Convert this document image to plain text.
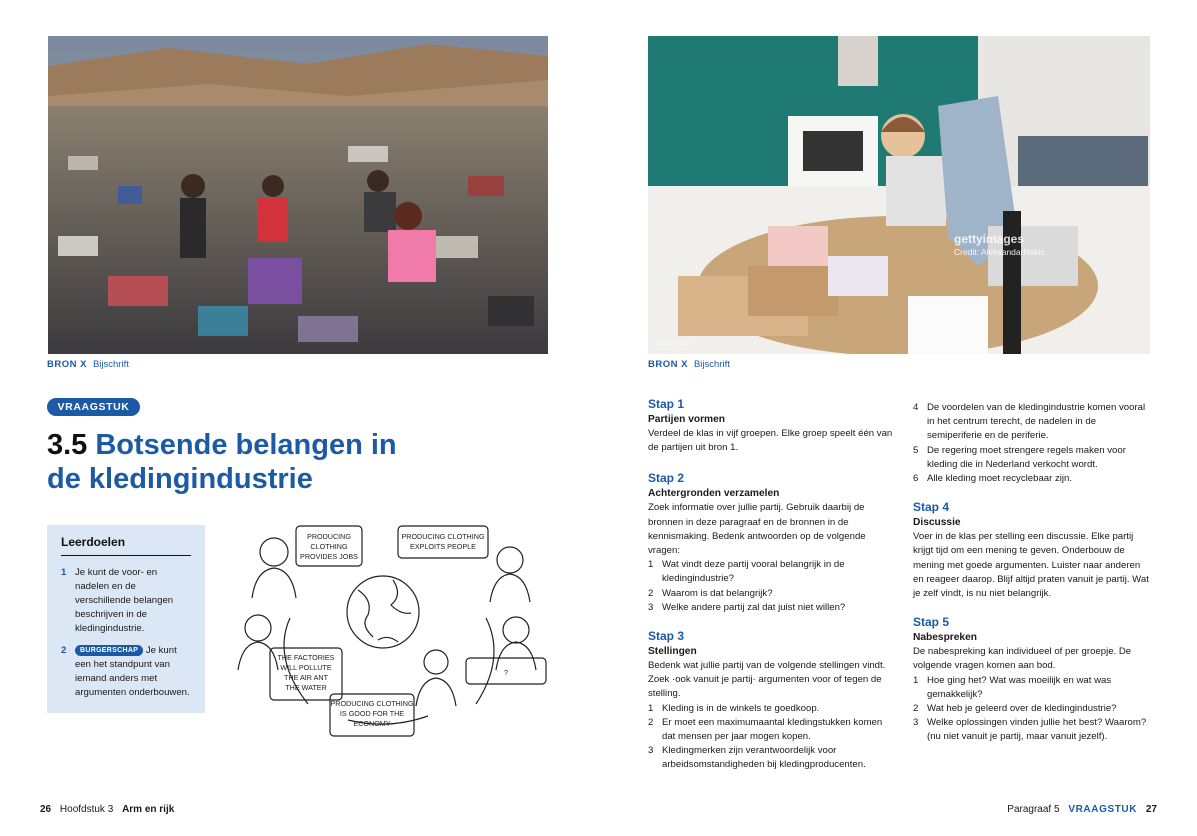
BRON X Bijschrift
VRAAGSTUK
3.5 Botsende belangen in
de kledingindustrie
Leerdoelen
1 Je kunt de voor- en nadelen en de verschillende belangen beschrijven in de kledingindustrie.
2	BURGERSCHAP Je kunt een het standpunt van iemand anders met argumenten onderbouwen.
PRODUCING CLOTHING PROVIDES JOBS
PRODUCING CLOTHING EXPLOITS PEOPLE
THE FACTORIES WILL POLLUTE THE AIR ANT THE WATER
PRODUCING CLOTHING IS GOOD FOR THE ECONOMY
?
gettyimages
Credit: AleksandarNakic
1288319058
BRON X Bijschrift
Stap 1
Partijen vormen

Verdeel de klas in vijf groepen. Elke groep speelt één van de partijen uit bron 1.

Stap 2
Achtergronden verzamelen

Zoek informatie over jullie partij. Gebruik daarbij de bronnen in deze paragraaf en de bronnen in de kennismaking. Bedenk antwoorden op de volgende vragen:

1 Wat vindt deze partij vooral belangrijk in de kledingindustrie?
2 Waarom is dat belangrijk?
3 Welke andere partij zal dat juist niet willen?
Stap 3
Stellingen

Bedenk wat jullie partij van de volgende stellingen vindt. Zoek ·ook vanuit je partij· argumenten voor of tegen de stelling.

1 Kleding is in de winkels te goedkoop.
2 Er moet een maximumaantal kledingstukken komen dat mensen per jaar mogen kopen.
3 Kledingmerken zijn verantwoordelijk voor arbeidsomstandigheden bij kledingproducenten.
4 De voordelen van de kledingindustrie komen vooral in het centrum terecht, de nadelen in de semiperiferie en de periferie.
5 De regering moet strengere regels maken voor kleding die in Nederland verkocht wordt.
6 Alle kleding moet recyclebaar zijn.
Stap 4
Discussie

Voer in de klas per stelling een discussie. Elke partij krijgt tijd om een mening te geven. Onderbouw de mening met goede argumenten. Luister naar anderen en reageer daarop. Blijf altijd praten vanuit je partij. Wat je zelf vindt, is nu niet belangrijk.

Stap 5
Nabespreken

De nabespreking kan individueel of per groepje. De volgende vragen komen aan bod.

1 Hoe ging het? Wat was moeilijk en wat was gemakkelijk?
2 Wat heb je geleerd over de kledingindustrie?
3 Welke oplossingen vinden jullie het best? Waarom? (nu niet vanuit je partij, maar vanuit jezelf).
26 Hoofdstuk 3 Arm en rijk	Paragraaf 5 VRAAGSTUK 27
